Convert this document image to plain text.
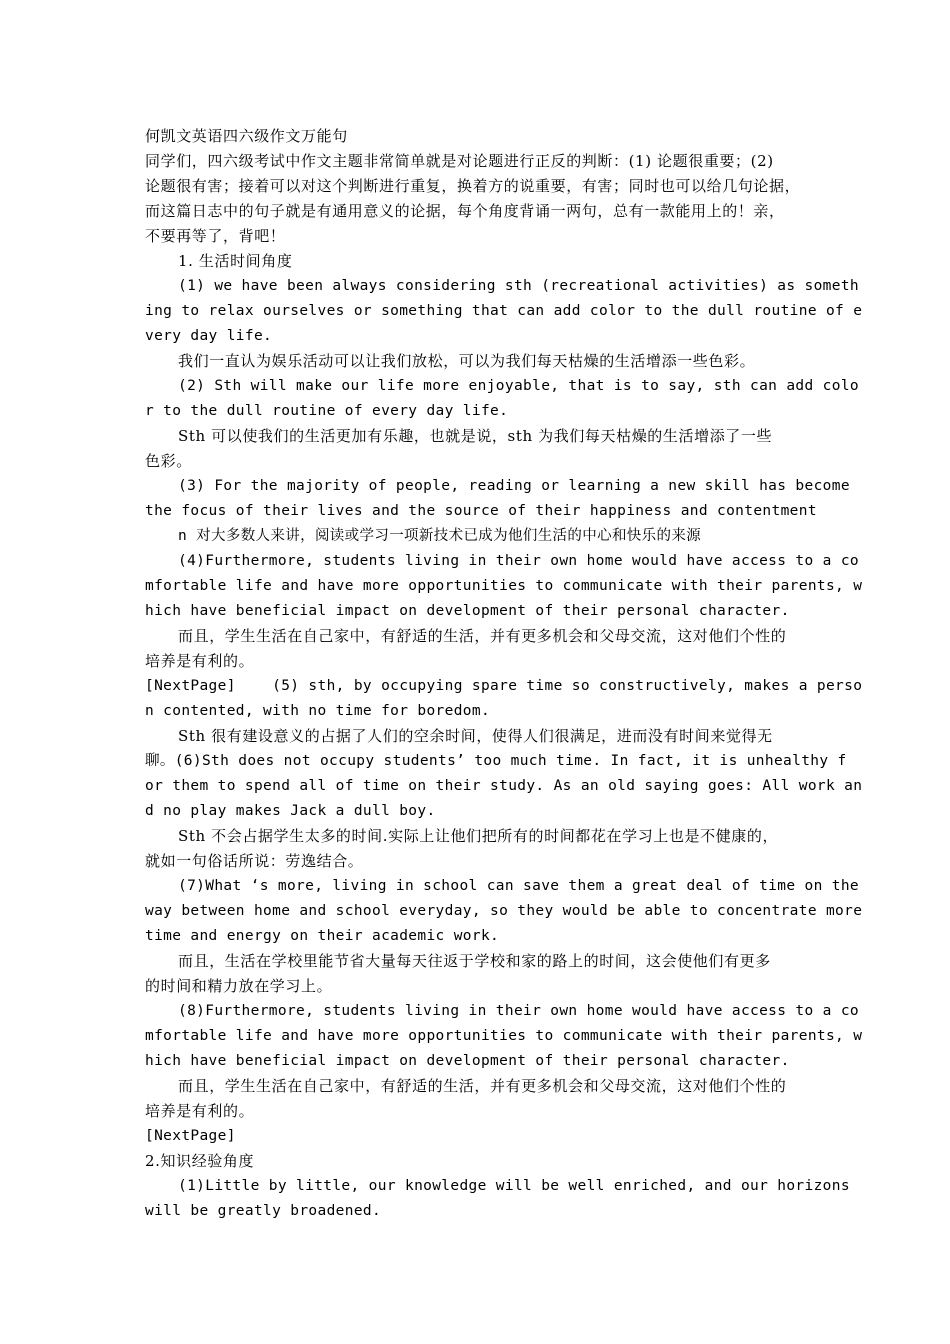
何凯文英语四六级作文万能句
同学们，四六级考试中作文主题非常简单就是对论题进行正反的判断：(1) 论题很重要；(2)
论题很有害；接着可以对这个判断进行重复，换着方的说重要，有害；同时也可以给几句论据，
而这篇日志中的句子就是有通用意义的论据，每个角度背诵一两句，总有一款能用上的！亲，
不要再等了，背吧！
1. 生活时间角度
(1) we have been always considering sth (recreational activities) as someth
ing to relax ourselves or something that can add color to the dull routine of e
very day life.
我们一直认为娱乐活动可以让我们放松，可以为我们每天枯燥的生活增添一些色彩。
(2) Sth will make our life more enjoyable, that is to say, sth can add colo
r to the dull routine of every day life.
Sth 可以使我们的生活更加有乐趣，也就是说，sth 为我们每天枯燥的生活增添了一些
色彩。
(3) For the majority of people, reading or learning a new skill has become
the focus of their lives and the source of their happiness and contentment
n 对大多数人来讲，阅读或学习一项新技术已成为他们生活的中心和快乐的来源
(4)Furthermore, students living in their own home would have access to a co
mfortable life and have more opportunities to communicate with their parents, w
hich have beneficial impact on development of their personal character.
而且，学生生活在自己家中，有舒适的生活，并有更多机会和父母交流，这对他们个性的
培养是有利的。
[NextPage]    (5) sth, by occupying spare time so constructively, makes a perso
n contented, with no time for boredom.
Sth 很有建设意义的占据了人们的空余时间，使得人们很满足，进而没有时间来觉得无
聊。(6)Sth does not occupy students’ too much time. In fact, it is unhealthy f
or them to spend all of time on their study. As an old saying goes: All work an
d no play makes Jack a dull boy.
Sth 不会占据学生太多的时间.实际上让他们把所有的时间都花在学习上也是不健康的，
就如一句俗话所说：劳逸结合。
(7)What ‘s more, living in school can save them a great deal of time on the
way between home and school everyday, so they would be able to concentrate more
time and energy on their academic work.
而且，生活在学校里能节省大量每天往返于学校和家的路上的时间，这会使他们有更多
的时间和精力放在学习上。
(8)Furthermore, students living in their own home would have access to a co
mfortable life and have more opportunities to communicate with their parents, w
hich have beneficial impact on development of their personal character.
而且，学生生活在自己家中，有舒适的生活，并有更多机会和父母交流，这对他们个性的
培养是有利的。
[NextPage]
2.知识经验角度
(1)Little by little, our knowledge will be well enriched, and our horizons
will be greatly broadened.
